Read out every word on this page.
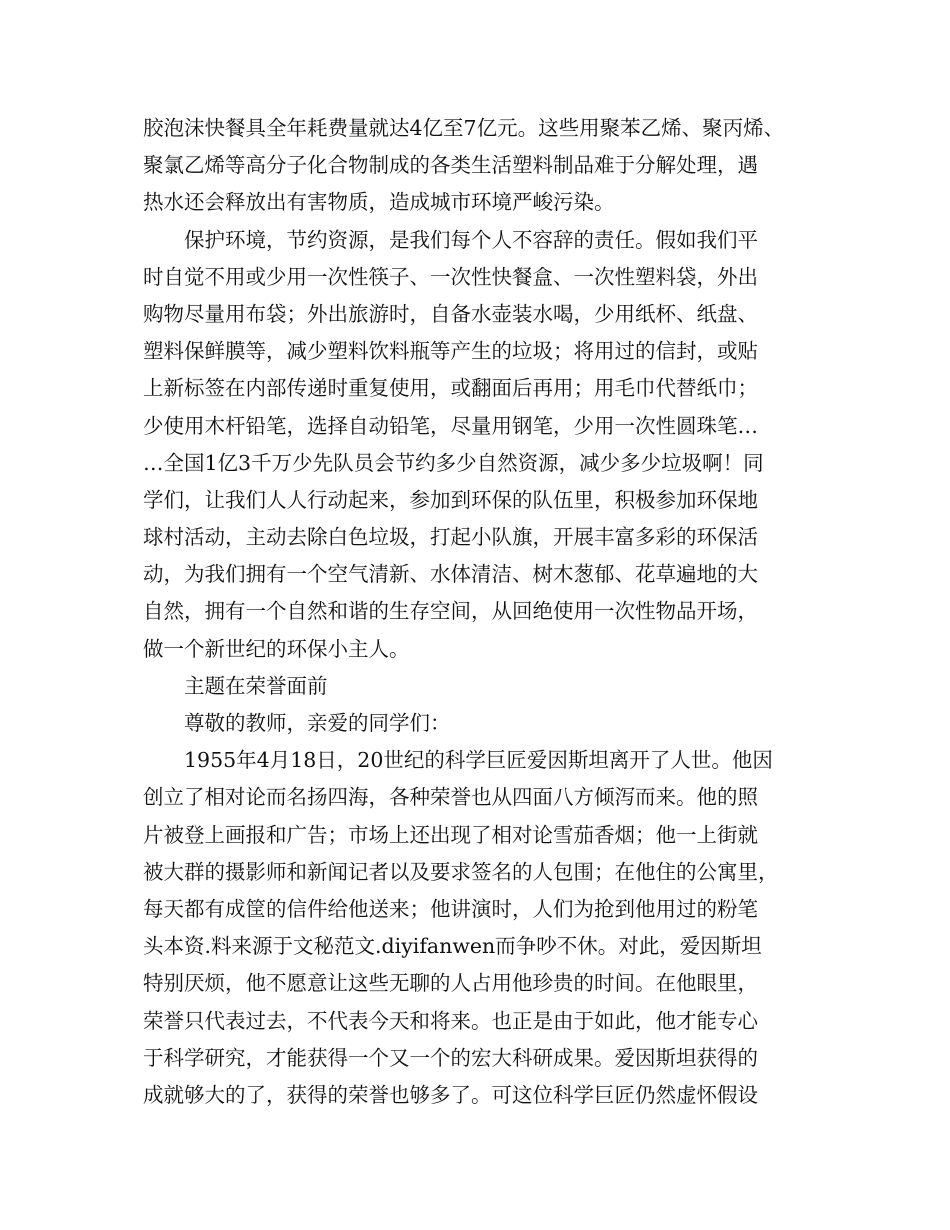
胶泡沫快餐具全年耗费量就达4亿至7亿元。这些用聚苯乙烯、聚丙烯、
聚氯乙烯等高分子化合物制成的各类生活塑料制品难于分解处理，遇
热水还会释放出有害物质，造成城市环境严峻污染。
保护环境，节约资源，是我们每个人不容辞的责任。假如我们平
时自觉不用或少用一次性筷子、一次性快餐盒、一次性塑料袋，外出
购物尽量用布袋；外出旅游时，自备水壶装水喝，少用纸杯、纸盘、
塑料保鲜膜等，减少塑料饮料瓶等产生的垃圾；将用过的信封，或贴
上新标签在内部传递时重复使用，或翻面后再用；用毛巾代替纸巾；
少使用木杆铅笔，选择自动铅笔，尽量用钢笔，少用一次性圆珠笔…
…全国1亿3千万少先队员会节约多少自然资源，减少多少垃圾啊！同
学们，让我们人人行动起来，参加到环保的队伍里，积极参加环保地
球村活动，主动去除白色垃圾，打起小队旗，开展丰富多彩的环保活
动，为我们拥有一个空气清新、水体清洁、树木葱郁、花草遍地的大
自然，拥有一个自然和谐的生存空间，从回绝使用一次性物品开场，
做一个新世纪的环保小主人。
主题在荣誉面前
尊敬的教师，亲爱的同学们：
1955年4月18日，20世纪的科学巨匠爱因斯坦离开了人世。他因
创立了相对论而名扬四海，各种荣誉也从四面八方倾泻而来。他的照
片被登上画报和广告；市场上还出现了相对论雪茄香烟；他一上街就
被大群的摄影师和新闻记者以及要求签名的人包围；在他住的公寓里，
每天都有成筐的信件给他送来；他讲演时，人们为抢到他用过的粉笔
头本资.料来源于文秘范文.diyifanwen而争吵不休。对此，爱因斯坦
特别厌烦，他不愿意让这些无聊的人占用他珍贵的时间。在他眼里，
荣誉只代表过去，不代表今天和将来。也正是由于如此，他才能专心
于科学研究，才能获得一个又一个的宏大科研成果。爱因斯坦获得的
成就够大的了，获得的荣誉也够多了。可这位科学巨匠仍然虚怀假设
